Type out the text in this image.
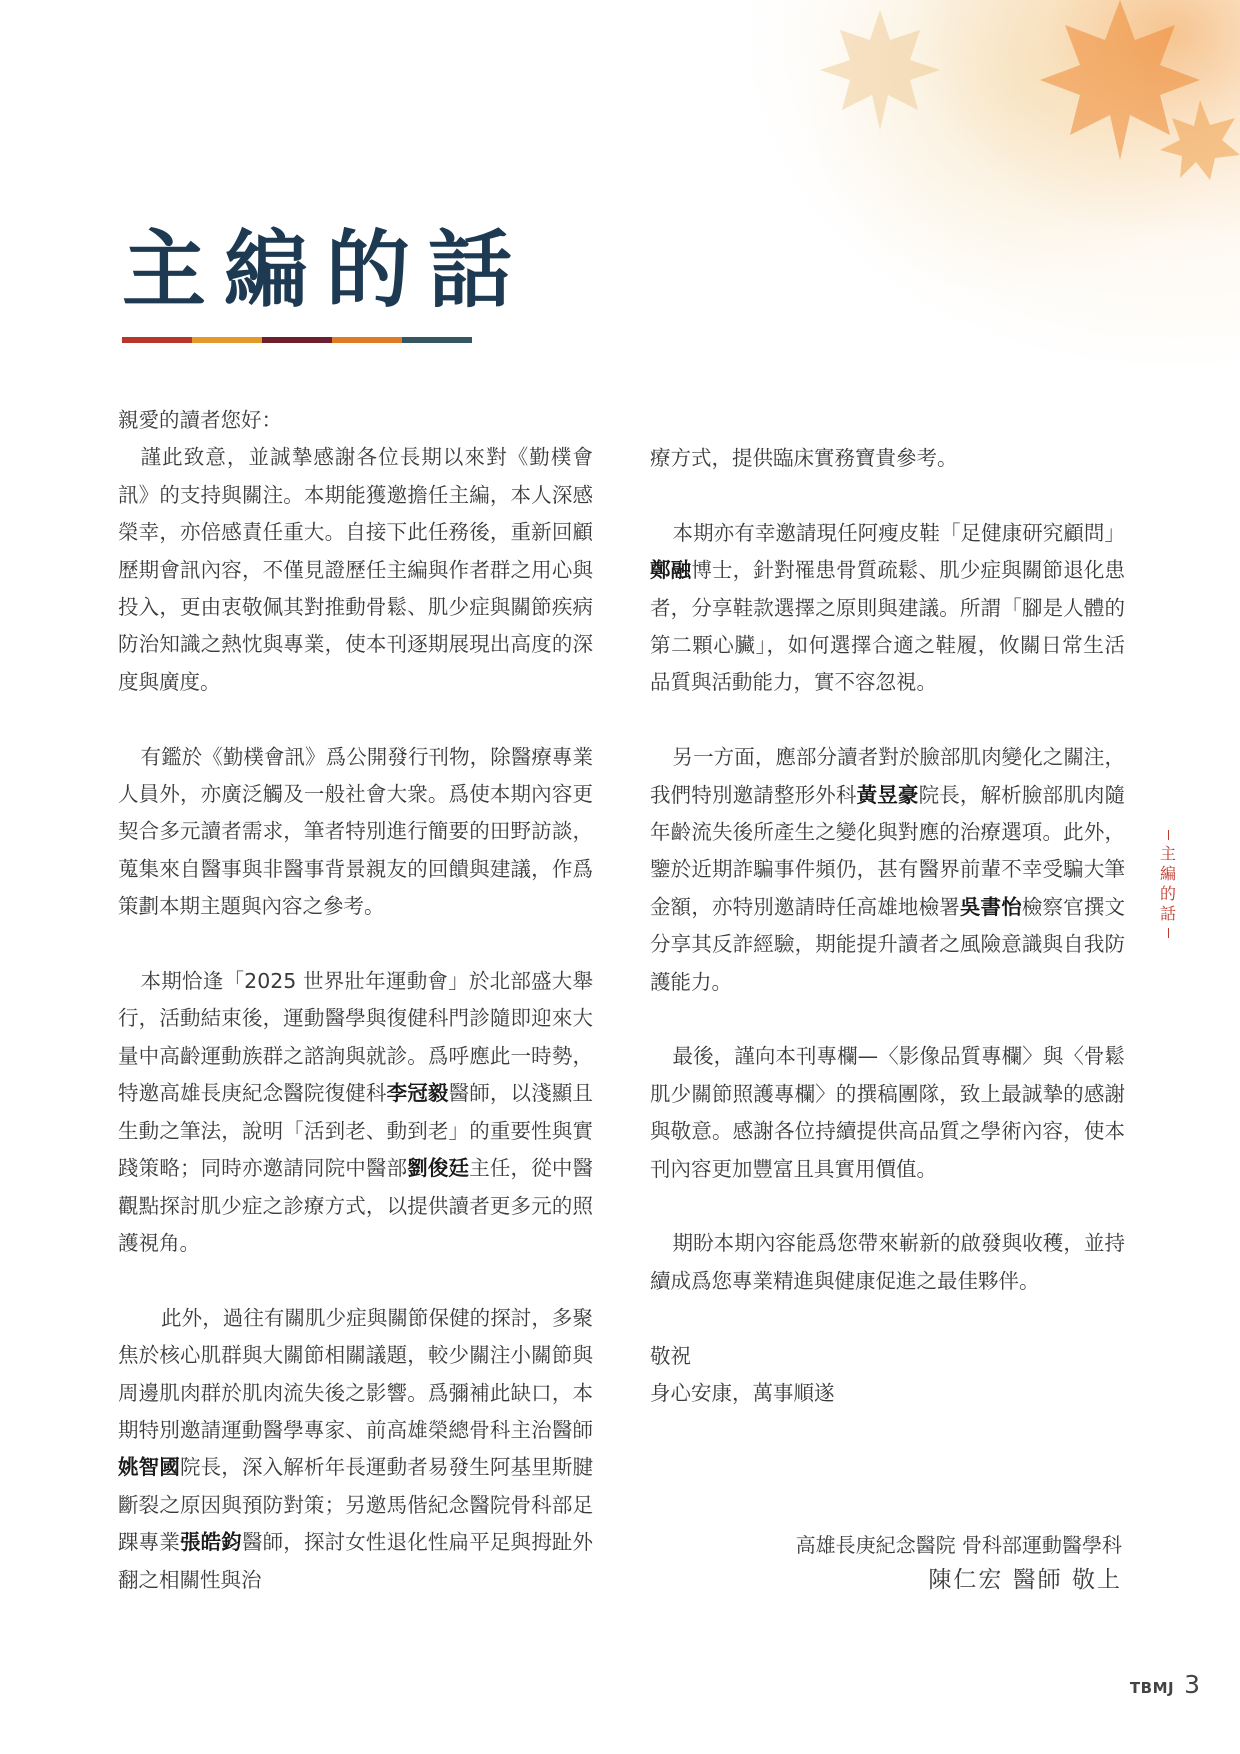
主編的話

親愛的讀者您好：

謹此致意，並誠摯感謝各位長期以來對《勤樸會訊》的支持與關注。本期能獲邀擔任主編，本人深感榮幸，亦倍感責任重大。自接下此任務後，重新回顧歷期會訊內容，不僅見證歷任主編與作者群之用心與投入，更由衷敬佩其對推動骨鬆、肌少症與關節疾病防治知識之熱忱與專業，使本刊逐期展現出高度的深度與廣度。

有鑑於《勤樸會訊》爲公開發行刊物，除醫療專業人員外，亦廣泛觸及一般社會大衆。爲使本期內容更契合多元讀者需求，筆者特別進行簡要的田野訪談，蒐集來自醫事與非醫事背景親友的回饋與建議，作爲策劃本期主題與內容之參考。

本期恰逢「2025 世界壯年運動會」於北部盛大舉行，活動結束後，運動醫學與復健科門診隨即迎來大量中高齡運動族群之諮詢與就診。爲呼應此一時勢，特邀高雄長庚紀念醫院復健科李冠毅醫師，以淺顯且生動之筆法，說明「活到老、動到老」的重要性與實踐策略；同時亦邀請同院中醫部劉俊廷主任，從中醫觀點探討肌少症之診療方式，以提供讀者更多元的照護視角。

此外，過往有關肌少症與關節保健的探討，多聚焦於核心肌群與大關節相關議題，較少關注小關節與周邊肌肉群於肌肉流失後之影響。爲彌補此缺口，本期特別邀請運動醫學專家、前高雄榮總骨科主治醫師姚智國院長，深入解析年長運動者易發生阿基里斯腱斷裂之原因與預防對策；另邀馬偕紀念醫院骨科部足踝專業張皓鈞醫師，探討女性退化性扁平足與拇趾外翻之相關性與治

療方式，提供臨床實務寶貴參考。

本期亦有幸邀請現任阿瘦皮鞋「足健康研究顧問」鄭融博士，針對罹患骨質疏鬆、肌少症與關節退化患者，分享鞋款選擇之原則與建議。所謂「腳是人體的第二顆心臟」，如何選擇合適之鞋履，攸關日常生活品質與活動能力，實不容忽視。

另一方面，應部分讀者對於臉部肌肉變化之關注，我們特別邀請整形外科黃昱豪院長，解析臉部肌肉隨年齡流失後所產生之變化與對應的治療選項。此外，鑒於近期詐騙事件頻仍，甚有醫界前輩不幸受騙大筆金額，亦特別邀請時任高雄地檢署吳書怡檢察官撰文分享其反詐經驗，期能提升讀者之風險意識與自我防護能力。

最後，謹向本刊專欄—〈影像品質專欄〉與〈骨鬆肌少關節照護專欄〉的撰稿團隊，致上最誠摯的感謝與敬意。感謝各位持續提供高品質之學術內容，使本刊內容更加豐富且具實用價值。

期盼本期內容能爲您帶來嶄新的啟發與收穫，並持續成爲您專業精進與健康促進之最佳夥伴。

敬祝

身心安康，萬事順遂

高雄長庚紀念醫院 骨科部運動醫學科
陳仁宏 醫師 敬上
主
編
的
話
TBMJ 3
